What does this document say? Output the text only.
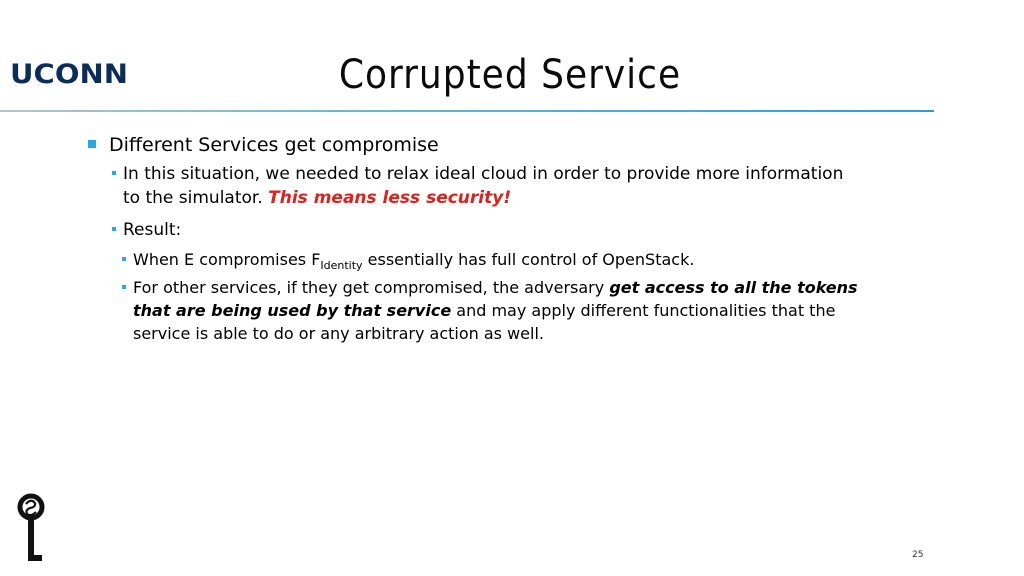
UCONN	Corrupted Service
Different Services get compromise
In this situation, we needed to relax ideal cloud in order to provide more information to the simulator. This means less security!
Result:
When E compromises $F_{Identity}$ essentially has full control of OpenStack.
For other services, if they get compromised, the adversary get access to all the tokens that are being used by that service and may apply different functionalities that the service is able to do or any arbitrary action as well.
25
